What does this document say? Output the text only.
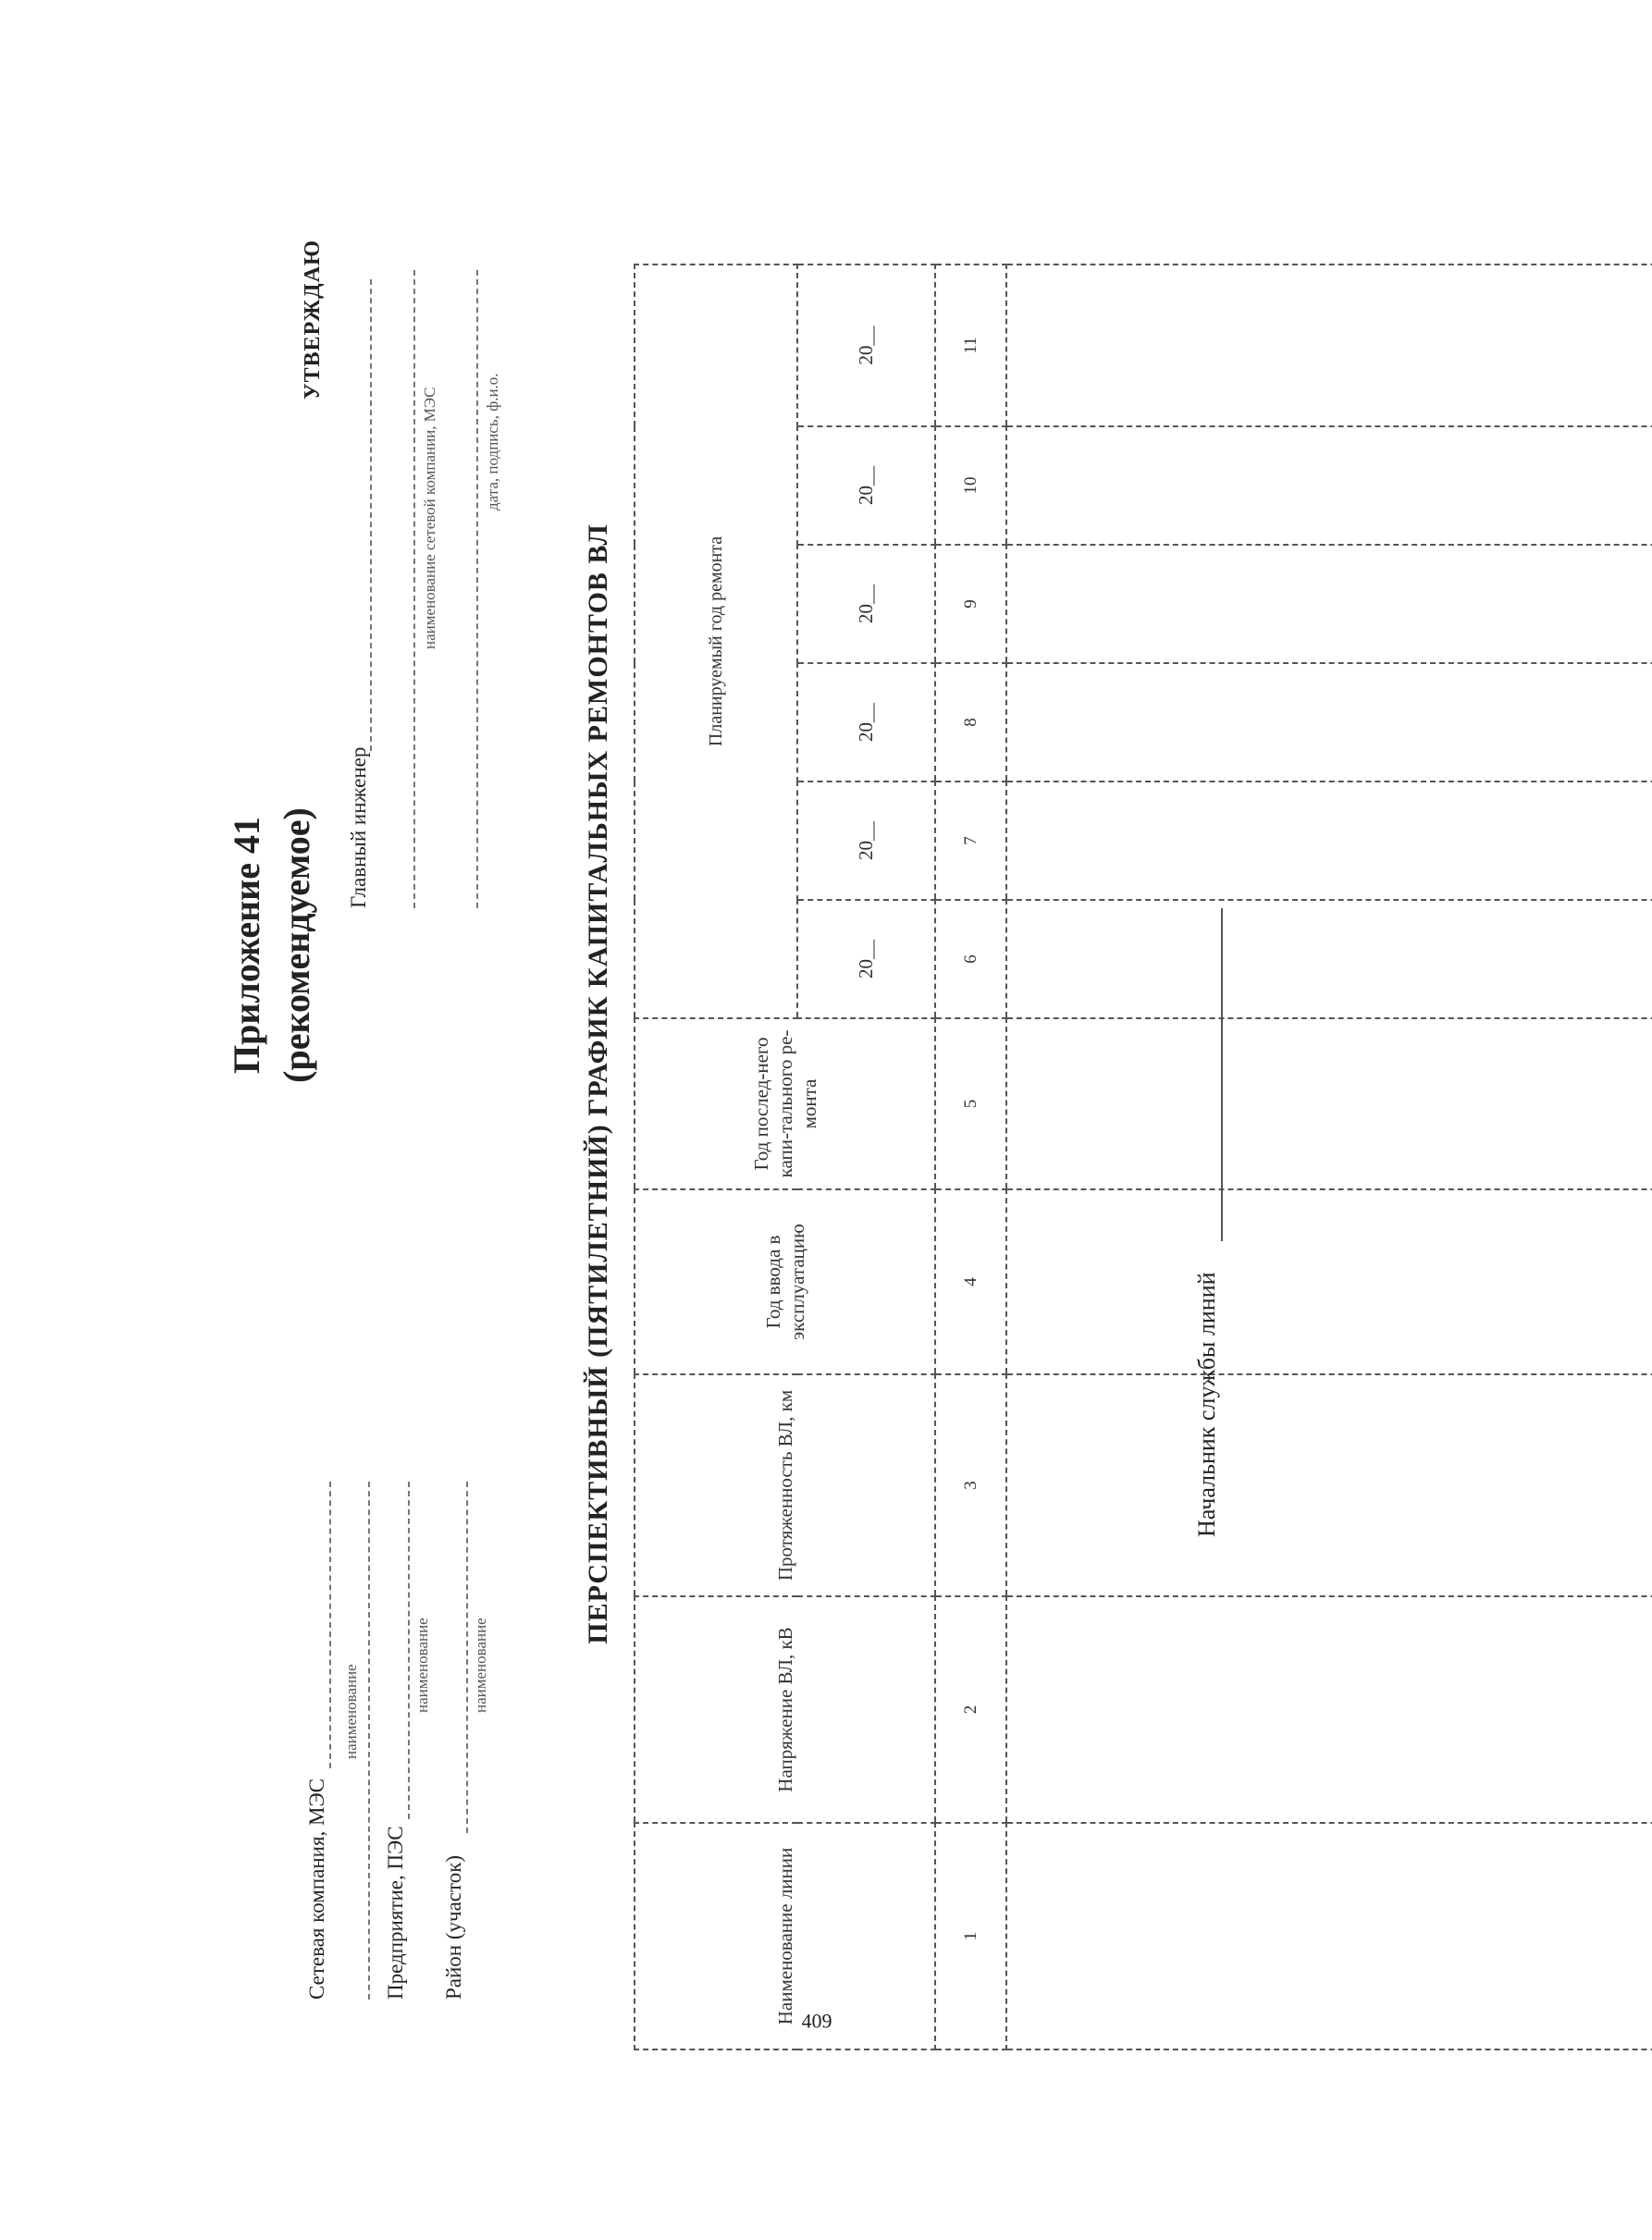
Приложение 41 (рекомендуемое)
Сетевая компания, МЭС
наименование
Предприятие, ПЭС
наименование
Район (участок)
наименование
УТВЕРЖДАЮ
Главный инженер
наименование сетевой компании, МЭС	дата, подпись, ф.и.о.
ПЕРСПЕКТИВНЫЙ (ПЯТИЛЕТНИЙ) ГРАФИК КАПИТАЛЬНЫХ РЕМОНТОВ ВЛ
Наименование линии	Напряжение ВЛ, кВ	Протяженность ВЛ, км	Год ввода в эксплуатацию	Год послед-него капи-тального ре-монта	Планируемый год ремонта					
					20__	20__	20__	20__	20__	20__
1	2	3	4	5	6	7	8	9	10	11

409
Начальник службы линий
